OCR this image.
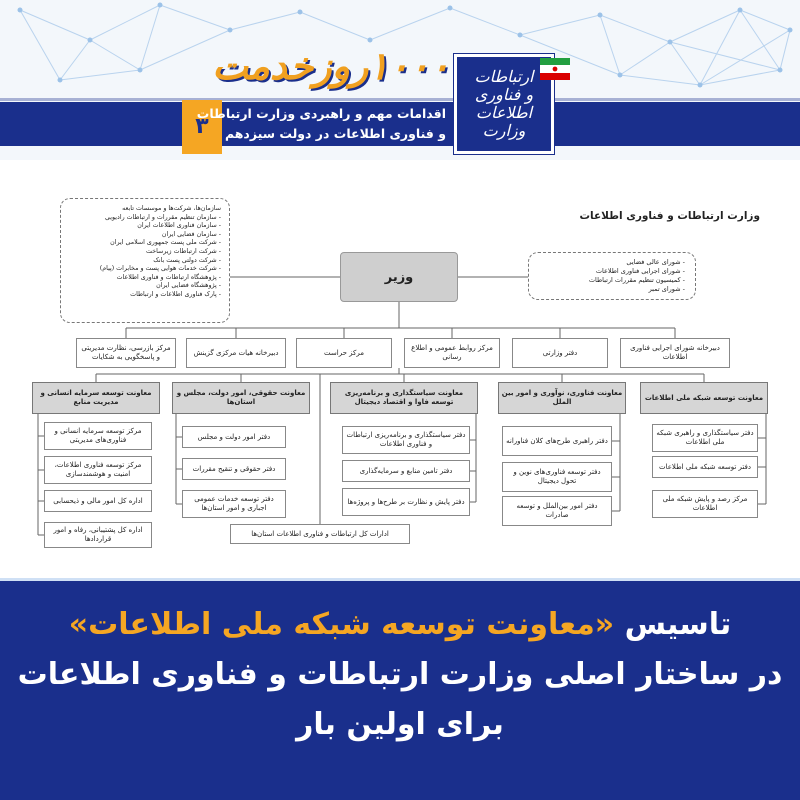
۱۰۰۰روزخدمت
۳
اقدامات مهم و راهبردی وزارت ارتباطات
و فناوری اطلاعات در دولت سیزدهم
ارتباطات
و فناوری
اطلاعات
وزارت
وزارت ارتباطات و فناوری اطلاعات
وزیر
سازمان‌ها، شرکت‌ها و موسسات تابعه
- سازمان تنظیم مقررات و ارتباطات رادیویی
- سازمان فناوری اطلاعات ایران
- سازمان فضایی ایران
- شرکت ملی پست جمهوری اسلامی ایران
- شرکت ارتباطات زیرساخت
- شرکت دولتی پست بانک
- شرکت خدمات هوایی پست و مخابرات (پیام)
- پژوهشگاه ارتباطات و فناوری اطلاعات
- پژوهشگاه فضایی ایران
- پارک فناوری اطلاعات و ارتباطات
- شورای عالی فضایی
- شورای اجرایی فناوری اطلاعات
- کمیسیون تنظیم مقررات ارتباطات
- شورای تمبر
دبیرخانه شورای اجرایی فناوری اطلاعات
دفتر وزارتی
مرکز روابط عمومی و اطلاع رسانی
مرکز حراست
دبیرخانه هیات مرکزی گزینش
مرکز بازرسی، نظارت مدیریتی و پاسخگویی به شکایات
معاونت توسعه شبکه ملی اطلاعات
دفتر سیاستگذاری و راهبری شبکه ملی اطلاعات
دفتر توسعه شبکه ملی اطلاعات
مرکز رصد و پایش شبکه ملی اطلاعات
معاونت فناوری، نوآوری و امور بین الملل
دفتر راهبری طرح‌های کلان فناورانه
دفتر توسعه فناوری‌های نوین و تحول دیجیتال
دفتر امور بین‌الملل و توسعه صادرات
معاونت سیاستگذاری و برنامه‌ریزی توسعه فاوا و اقتصاد دیجیتال
دفتر سیاستگذاری و برنامه‌ریزی ارتباطات و فناوری اطلاعات
دفتر تامین منابع و سرمایه‌گذاری
دفتر پایش و نظارت بر طرح‌ها و پروژه‌ها
معاونت حقوقی، امور دولت، مجلس و استان‌ها
دفتر امور دولت و مجلس
دفتر حقوقی و تنقیح مقررات
دفتر توسعه خدمات عمومی اجباری و امور استان‌ها
معاونت توسعه سرمایه انسانی و مدیریت منابع
مرکز توسعه سرمایه انسانی و فناوری‌های مدیریتی
مرکز توسعه فناوری اطلاعات، امنیت و هوشمندسازی
اداره کل امور مالی و ذیحسابی
اداره کل پشتیبانی، رفاه و امور قراردادها
ادارات کل ارتباطات و فناوری اطلاعات استان‌ها
تاسیس «معاونت توسعه شبکه ملی اطلاعات»
در ساختار اصلی وزارت ارتباطات و فناوری اطلاعات
برای اولین بار
